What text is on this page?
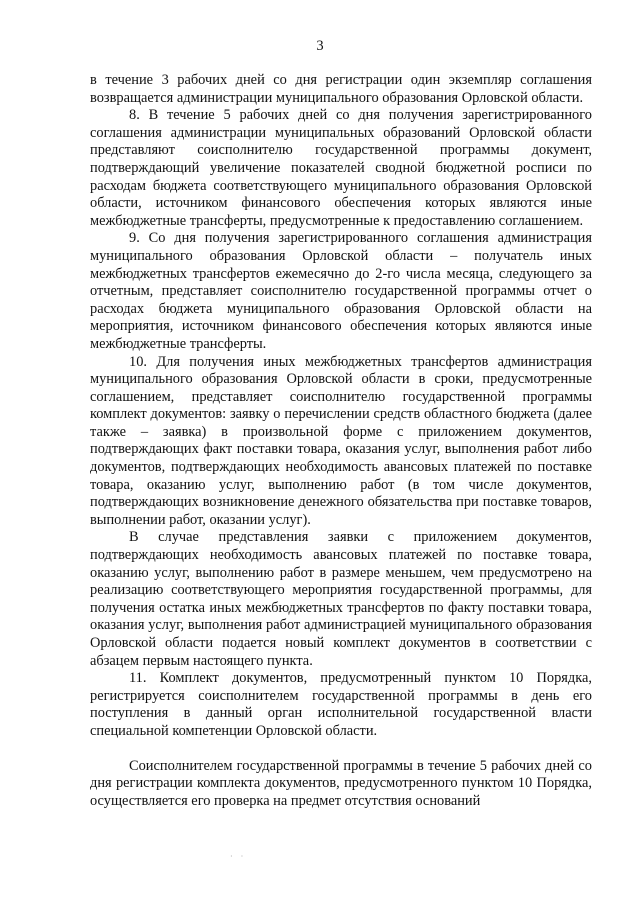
3

в течение 3 рабочих дней со дня регистрации один экземпляр соглашения возвращается администрации муниципального образования Орловской области.

8. В течение 5 рабочих дней со дня получения зарегистрированного соглашения администрации муниципальных образований Орловской области представляют соисполнителю государственной программы документ, подтверждающий увеличение показателей сводной бюджетной росписи по расходам бюджета соответствующего муниципального образования Орловской области, источником финансового обеспечения которых являются иные межбюджетные трансферты, предусмотренные к предоставлению соглашением.

9. Со дня получения зарегистрированного соглашения администрация муниципального образования Орловской области – получатель иных межбюджетных трансфертов ежемесячно до 2-го числа месяца, следующего за отчетным, представляет соисполнителю государственной программы отчет о расходах бюджета муниципального образования Орловской области на мероприятия, источником финансового обеспечения которых являются иные межбюджетные трансферты.

10. Для получения иных межбюджетных трансфертов администрация муниципального образования Орловской области в сроки, предусмотренные соглашением, представляет соисполнителю государственной программы комплект документов: заявку о перечислении средств областного бюджета (далее также – заявка) в произвольной форме с приложением документов, подтверждающих факт поставки товара, оказания услуг, выполнения работ либо документов, подтверждающих необходимость авансовых платежей по поставке товара, оказанию услуг, выполнению работ (в том числе документов, подтверждающих возникновение денежного обязательства при поставке товаров, выполнении работ, оказании услуг).

В случае представления заявки с приложением документов, подтверждающих необходимость авансовых платежей по поставке товара, оказанию услуг, выполнению работ в размере меньшем, чем предусмотрено на реализацию соответствующего мероприятия государственной программы, для получения остатка иных межбюджетных трансфертов по факту поставки товара, оказания услуг, выполнения работ администрацией муниципального образования Орловской области подается новый комплект документов в соответствии с абзацем первым настоящего пункта.

11. Комплект документов, предусмотренный пунктом 10 Порядка, регистрируется соисполнителем государственной программы в день его поступления в данный орган исполнительной государственной власти специальной компетенции Орловской области.

Соисполнителем государственной программы в течение 5 рабочих дней со дня регистрации комплекта документов, предусмотренного пунктом 10 Порядка, осуществляется его проверка на предмет отсутствия оснований

· ·
